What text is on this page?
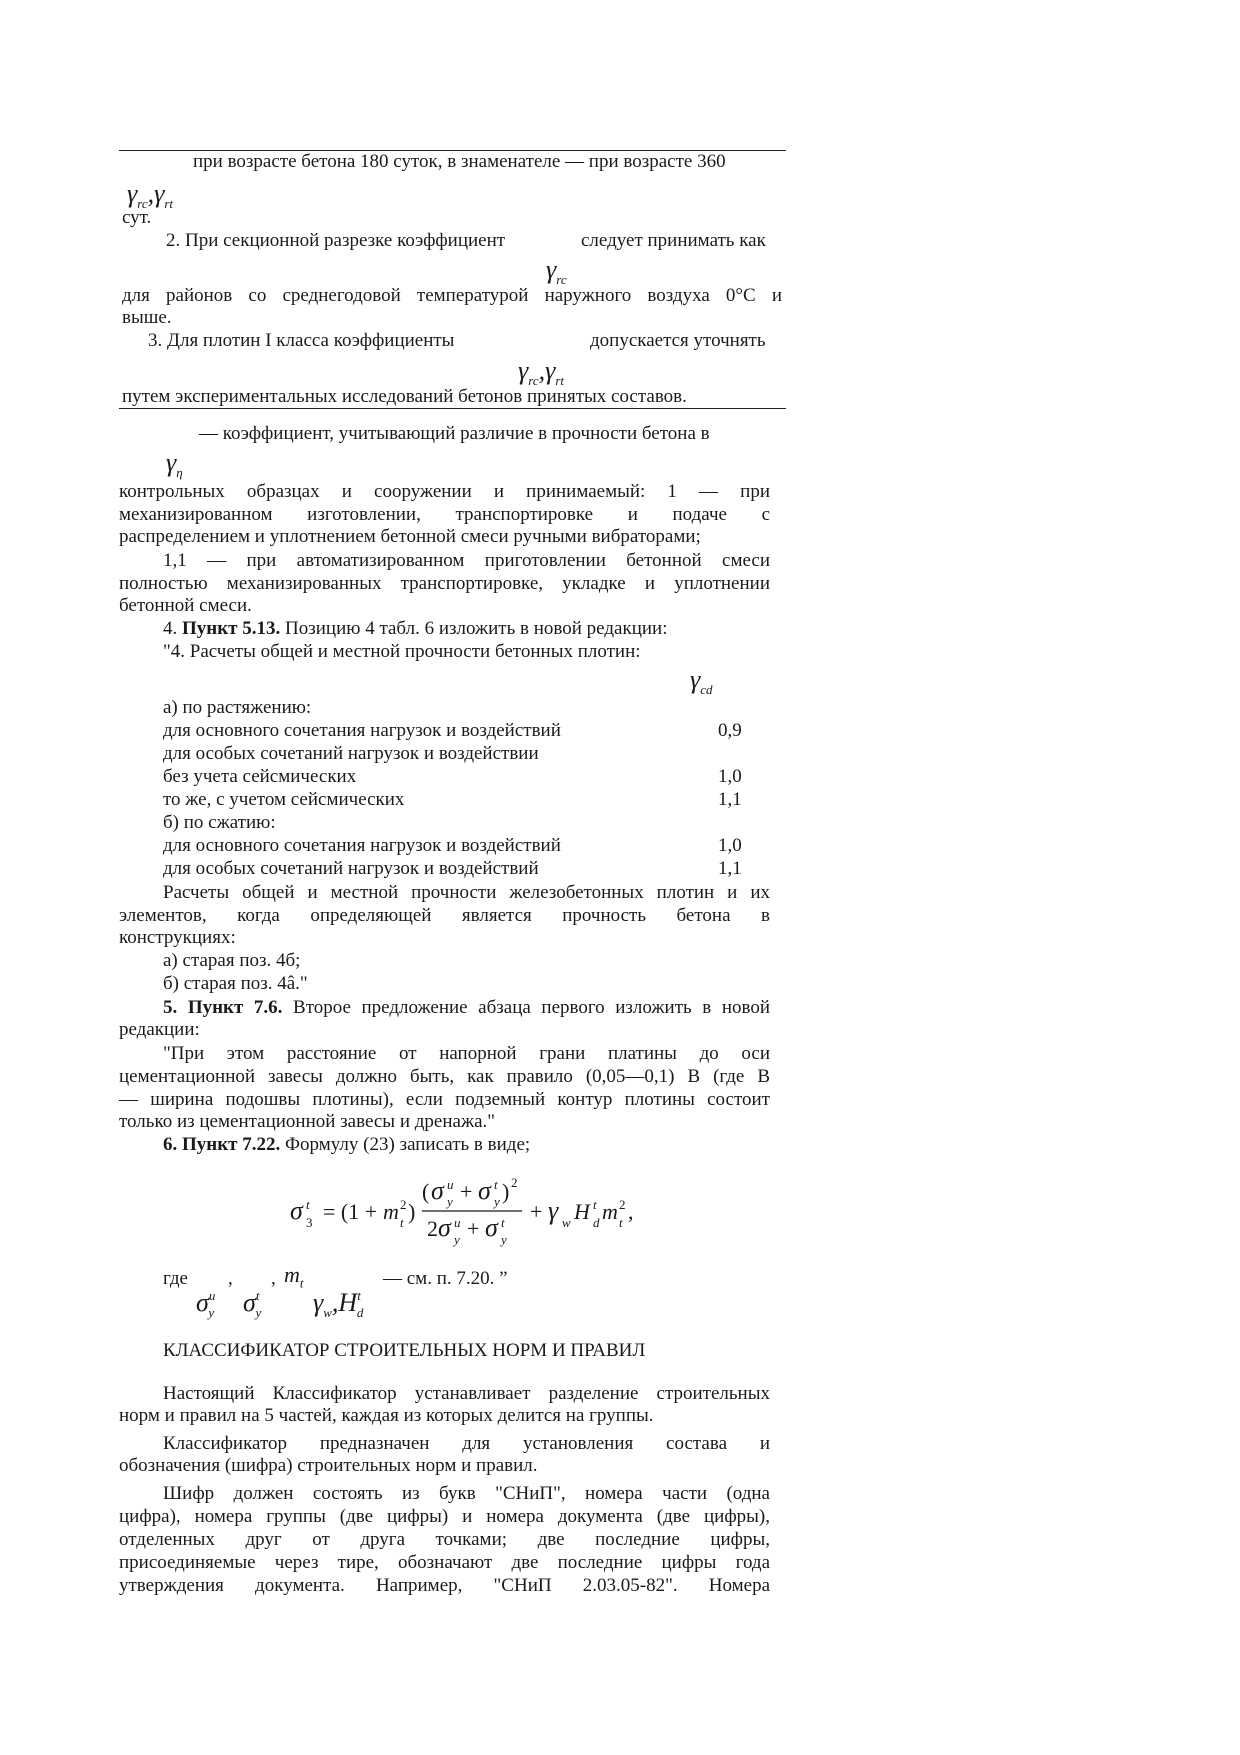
при возрасте бетона 180 суток, в знаменателе — при возрасте 360
$\gamma_{rc},\gamma_{rt}$
сут.
2. При секционной разрезке коэффициент	следует принимать как
$\gamma_{rc}$
для районов со среднегодовой температурой наружного воздуха 0°С и
выше.
3. Для плотин I класса коэффициенты	допускается уточнять
$\gamma_{rc},\gamma_{rt}$
путем экспериментальных исследований бетонов принятых составов.
— коэффициент, учитывающий различие в прочности бетона в
$\gamma_\eta$
контрольных образцах и сооружении и принимаемый: 1 — при
механизированном изготовлении, транспортировке и подаче с
распределением и уплотнением бетонной смеси ручными вибраторами;
1,1 — при автоматизированном приготовлении бетонной смеси
полностью механизированных транспортировке, укладке и уплотнении
бетонной смеси.
4. Пункт 5.13. Позицию 4 табл. 6 изложить в новой редакции:
"4. Расчеты общей и местной прочности бетонных плотин:
$\gamma_{cd}$
а) по растяжению:
для основного сочетания нагрузок и воздействий	0,9
для особых сочетаний нагрузок и воздействии
без учета сейсмических	1,0
то же, с учетом сейсмических	1,1
б) по сжатию:
для основного сочетания нагрузок и воздействий	1,0
для особых сочетаний нагрузок и воздействий	1,1
Расчеты общей и местной прочности железобетонных плотин и их
элементов, когда определяющей является прочность бетона в
конструкциях:
а) старая поз. 4б;
б) старая поз. 4â."
5. Пункт 7.6. Второе предложение абзаца первого изложить в новой
редакции:
"При этом расстояние от напорной грани платины до оси
цементационной завесы должно быть, как правило (0,05—0,1) В (где В
— ширина подошвы плотины), если подземный контур плотины состоит
только из цементационной завесы и дренажа."
6. Пункт 7.22. Формулу (23) записать в виде;
σ t
3 = (1 + m 2
t )
( σ u
y + σ t
y ) 2
2 σ u
y + σ t
y
+ γ w H t
d m 2
t ,
где , , $m_t$	— см. п. 7.20. ”
$\sigma^u_y$ $\sigma^t_y$ $\gamma_w,H^t_d$
КЛАССИФИКАТОР СТРОИТЕЛЬНЫХ НОРМ И ПРАВИЛ
Настоящий Классификатор устанавливает разделение строительных
норм и правил на 5 частей, каждая из которых делится на группы.
Классификатор предназначен для установления состава и
обозначения (шифра) строительных норм и правил.
Шифр должен состоять из букв "СНиП", номера части (одна
цифра), номера группы (две цифры) и номера документа (две цифры),
отделенных друг от друга точками; две последние цифры,
присоединяемые через тире, обозначают две последние цифры года
утверждения документа. Например, "СНиП 2.03.05-82". Номера
